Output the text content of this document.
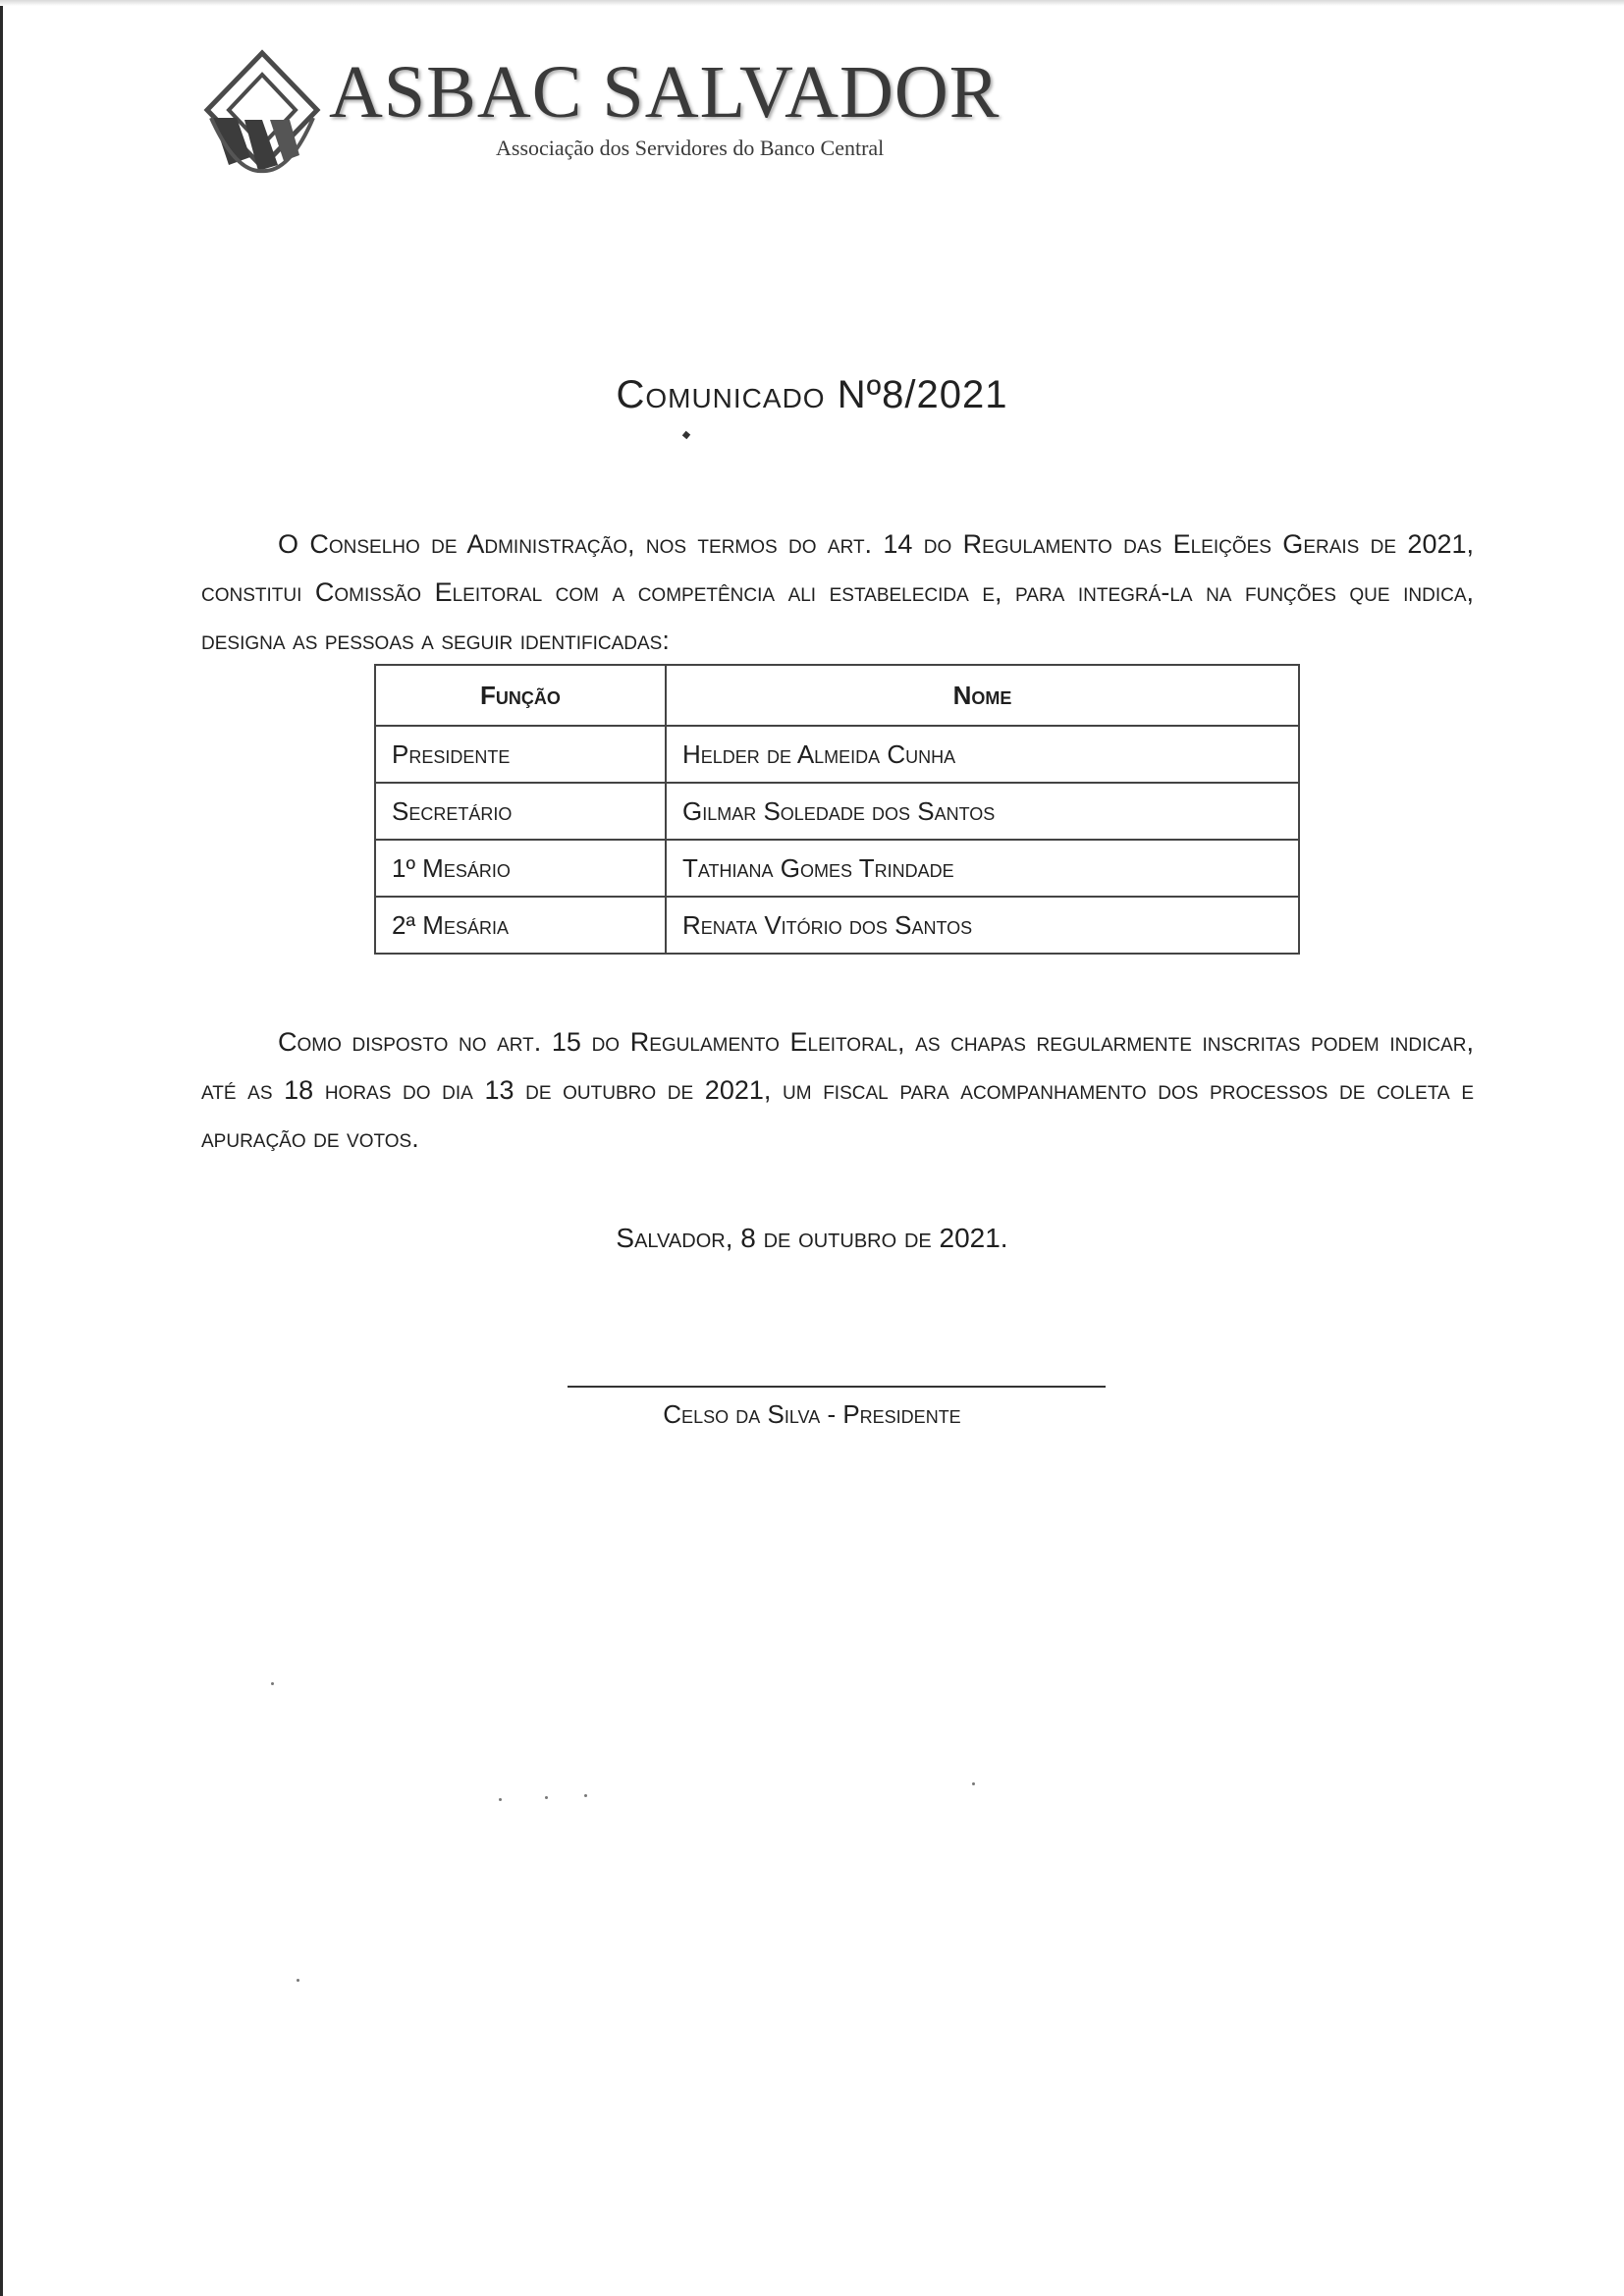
ASBAC SALVADOR
Associação dos Servidores do Banco Central
Comunicado Nº8/2021
O Conselho de Administração, nos termos do art. 14 do Regulamento das Eleições Gerais de 2021, constitui Comissão Eleitoral com a competência ali estabelecida e, para integrá-la na funções que indica, designa as pessoas a seguir identificadas:
Função	Nome
Presidente	Helder de Almeida Cunha
Secretário	Gilmar Soledade dos Santos
1º Mesário	Tathiana Gomes Trindade
2ª Mesária	Renata Vitório dos Santos
Como disposto no art. 15 do Regulamento Eleitoral, as chapas regularmente inscritas podem indicar, até as 18 horas do dia 13 de outubro de 2021, um fiscal para acompanhamento dos processos de coleta e apuração de votos.
Salvador, 8 de outubro de 2021.
Celso da Silva - Presidente
